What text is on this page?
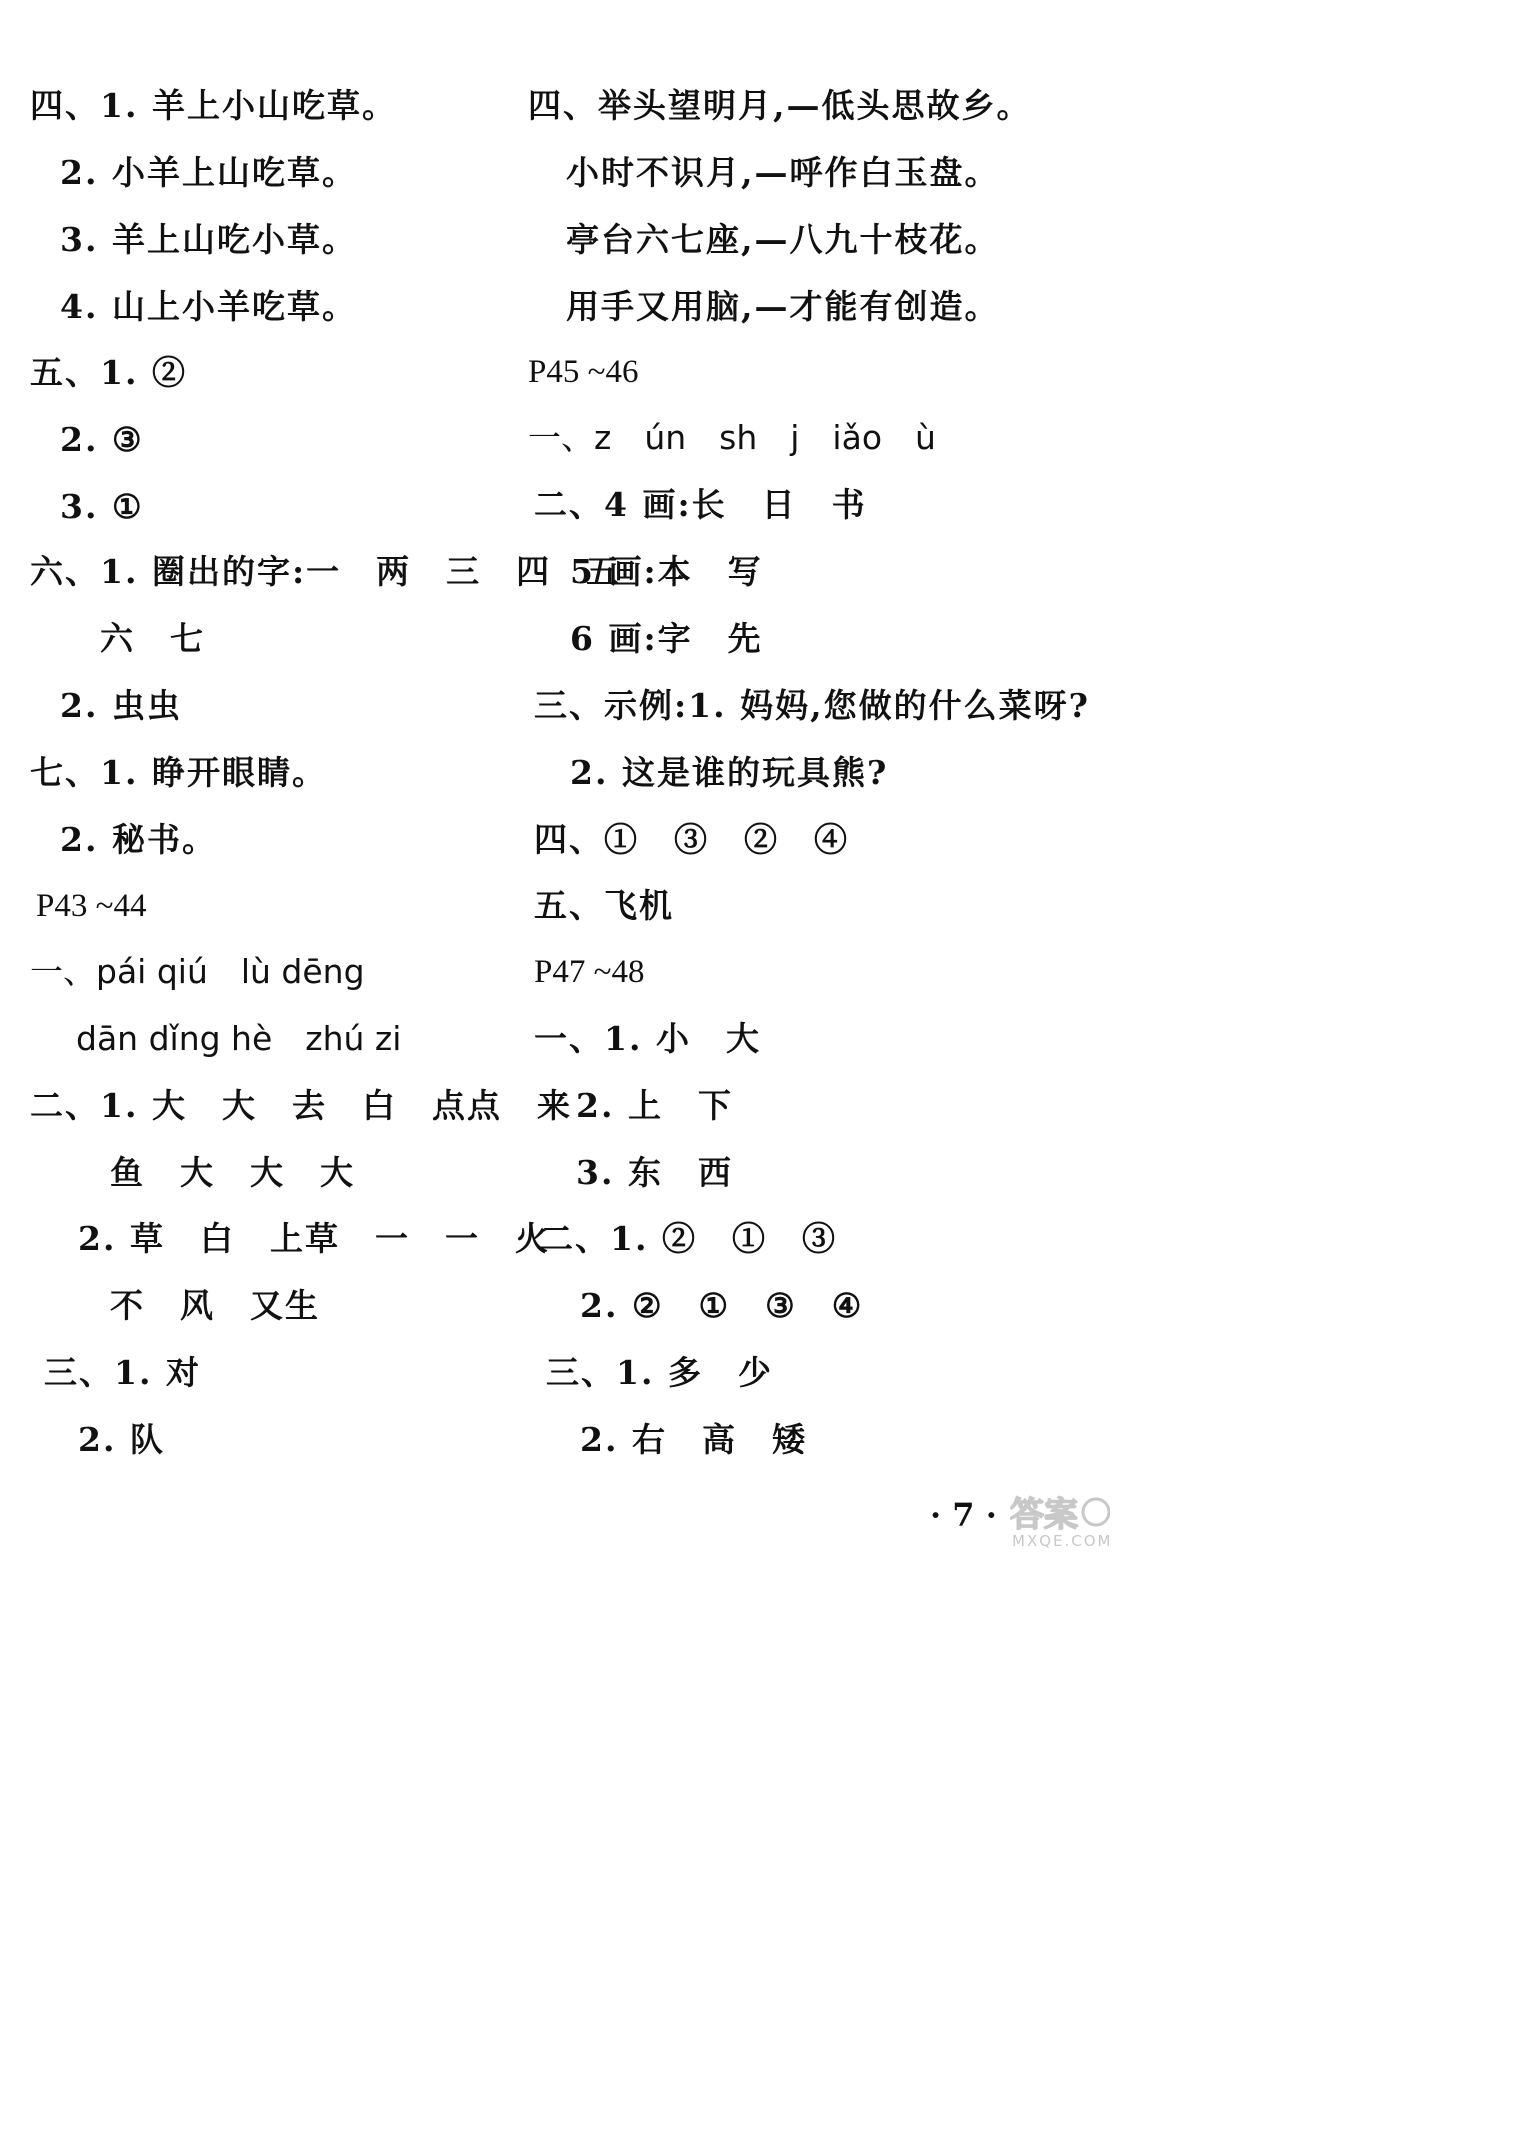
四、1. 羊上小山吃草。
2. 小羊上山吃草。
3. 羊上山吃小草。
4. 山上小羊吃草。
五、1. ②
2. ③
3. ①
六、1. 圈出的字:一　两　三　四　五
六　七
2. 虫虫
七、1. 睁开眼睛。
2. 秘书。
P43 ~44
一、pái qiú　lù dēng
dān dǐng hè　zhú zi
二、1. 大　大　去　白　点点　来
鱼　大　大　大
2. 草　白　上草　一　一　火
不　风　又生
三、1. 对
2. 队
四、举头望明月,—低头思故乡。
小时不识月,—呼作白玉盘。
亭台六七座,—八九十枝花。
用手又用脑,—才能有创造。
P45 ~46
一、z　ún　sh　j　iǎo　ù
二、4 画:长　日　书
5 画:本　写
6 画:字　先
三、示例:1. 妈妈,您做的什么菜呀?
2. 这是谁的玩具熊?
四、①　③　②　④
五、飞机
P47 ~48
一、1. 小　大
2. 上　下
3. 东　西
二、1. ②　①　③
2. ②　①　③　④
三、1. 多　少
2. 右　高　矮
· 7 · 答案
MXQE.COM
